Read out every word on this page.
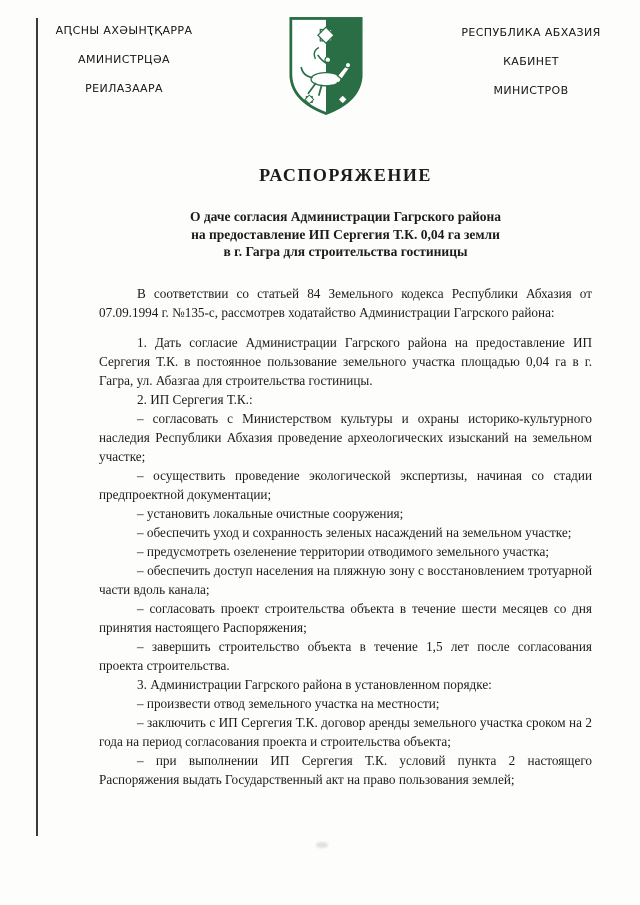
АԤСНЫ АХӘЫНҬҚАРРА
АМИНИСТРЦӘА
РЕИЛАЗААРА
РЕСПУБЛИКА АБХАЗИЯ
КАБИНЕТ
МИНИСТРОВ
РАСПОРЯЖЕНИЕ
О даче согласия Администрации Гагрского района
на предоставление ИП Сергегия Т.К. 0,04 га земли
в г. Гагра для строительства гостиницы

В соответствии со статьей 84 Земельного кодекса Республики Абхазия от 07.09.1994 г. №135-с, рассмотрев ходатайство Администрации Гагрского района:

1. Дать согласие Администрации Гагрского района на предоставление ИП Сергегия Т.К. в постоянное пользование земельного участка площадью 0,04 га в г. Гагра, ул. Абазгаа для строительства гостиницы.

2. ИП Сергегия Т.К.:

– согласовать с Министерством культуры и охраны историко-культурного наследия Республики Абхазия проведение археологических изысканий на земельном участке;

– осуществить проведение экологической экспертизы, начиная со стадии предпроектной документации;

– установить локальные очистные сооружения;

– обеспечить уход и сохранность зеленых насаждений на земельном участке;

– предусмотреть озеленение территории отводимого земельного участка;

– обеспечить доступ населения на пляжную зону с восстановлением тротуарной части вдоль канала;

– согласовать проект строительства объекта в течение шести месяцев со дня принятия настоящего Распоряжения;

– завершить строительство объекта в течение 1,5 лет после согласования проекта строительства.

3. Администрации Гагрского района в установленном порядке:

– произвести отвод земельного участка на местности;

– заключить с ИП Сергегия Т.К. договор аренды земельного участка сроком на 2 года на период согласования проекта и строительства объекта;

– при выполнении ИП Сергегия Т.К. условий пункта 2 настоящего Распоряжения выдать Государственный акт на право пользования землей;
